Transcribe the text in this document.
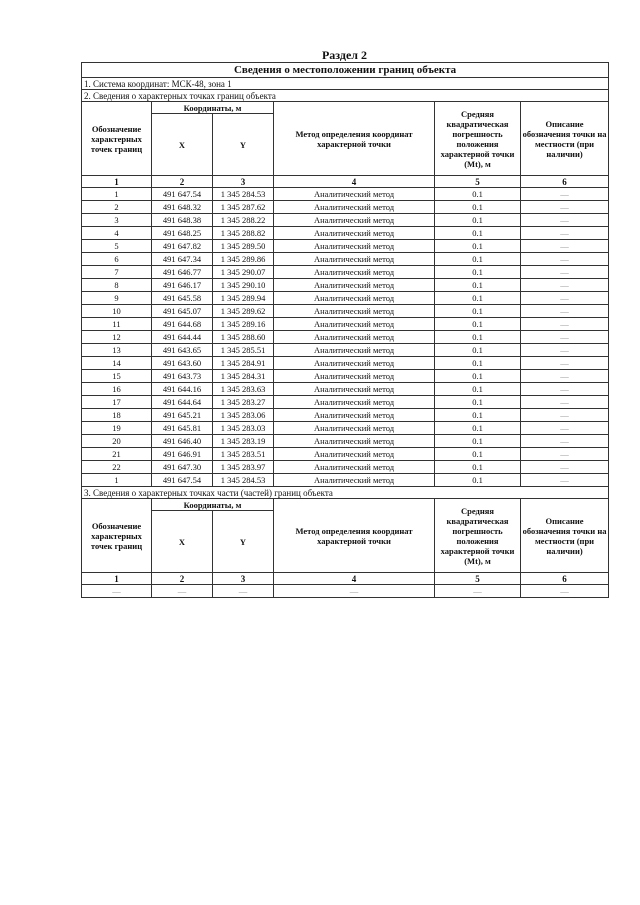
Раздел 2
Сведения о местоположении границ объекта					
1. Система координат: МСК-48, зона 1					
2. Сведения о характерных точках границ объекта					
Обозначение характерных точек границ	Координаты, м		Метод определения координат характерной точки	Средняя квадратическая погрешность положения характерной точки (Mt), м	Описание обозначения точки на местности (при наличии)
	X	Y			
1	2	3	4	5	6
1	491 647.54	1 345 284.53	Аналитический метод	0.1	—
2	491 648.32	1 345 287.62	Аналитический метод	0.1	—
3	491 648.38	1 345 288.22	Аналитический метод	0.1	—
4	491 648.25	1 345 288.82	Аналитический метод	0.1	—
5	491 647.82	1 345 289.50	Аналитический метод	0.1	—
6	491 647.34	1 345 289.86	Аналитический метод	0.1	—
7	491 646.77	1 345 290.07	Аналитический метод	0.1	—
8	491 646.17	1 345 290.10	Аналитический метод	0.1	—
9	491 645.58	1 345 289.94	Аналитический метод	0.1	—
10	491 645.07	1 345 289.62	Аналитический метод	0.1	—
11	491 644.68	1 345 289.16	Аналитический метод	0.1	—
12	491 644.44	1 345 288.60	Аналитический метод	0.1	—
13	491 643.65	1 345 285.51	Аналитический метод	0.1	—
14	491 643.60	1 345 284.91	Аналитический метод	0.1	—
15	491 643.73	1 345 284.31	Аналитический метод	0.1	—
16	491 644.16	1 345 283.63	Аналитический метод	0.1	—
17	491 644.64	1 345 283.27	Аналитический метод	0.1	—
18	491 645.21	1 345 283.06	Аналитический метод	0.1	—
19	491 645.81	1 345 283.03	Аналитический метод	0.1	—
20	491 646.40	1 345 283.19	Аналитический метод	0.1	—
21	491 646.91	1 345 283.51	Аналитический метод	0.1	—
22	491 647.30	1 345 283.97	Аналитический метод	0.1	—
1	491 647.54	1 345 284.53	Аналитический метод	0.1	—
3. Сведения о характерных точках части (частей) границ объекта					
Обозначение характерных точек границ	Координаты, м		Метод определения координат характерной точки	Средняя квадратическая погрешность положения характерной точки (Mt), м	Описание обозначения точки на местности (при наличии)
	X	Y			
1	2	3	4	5	6
—	—	—	—	—	—
